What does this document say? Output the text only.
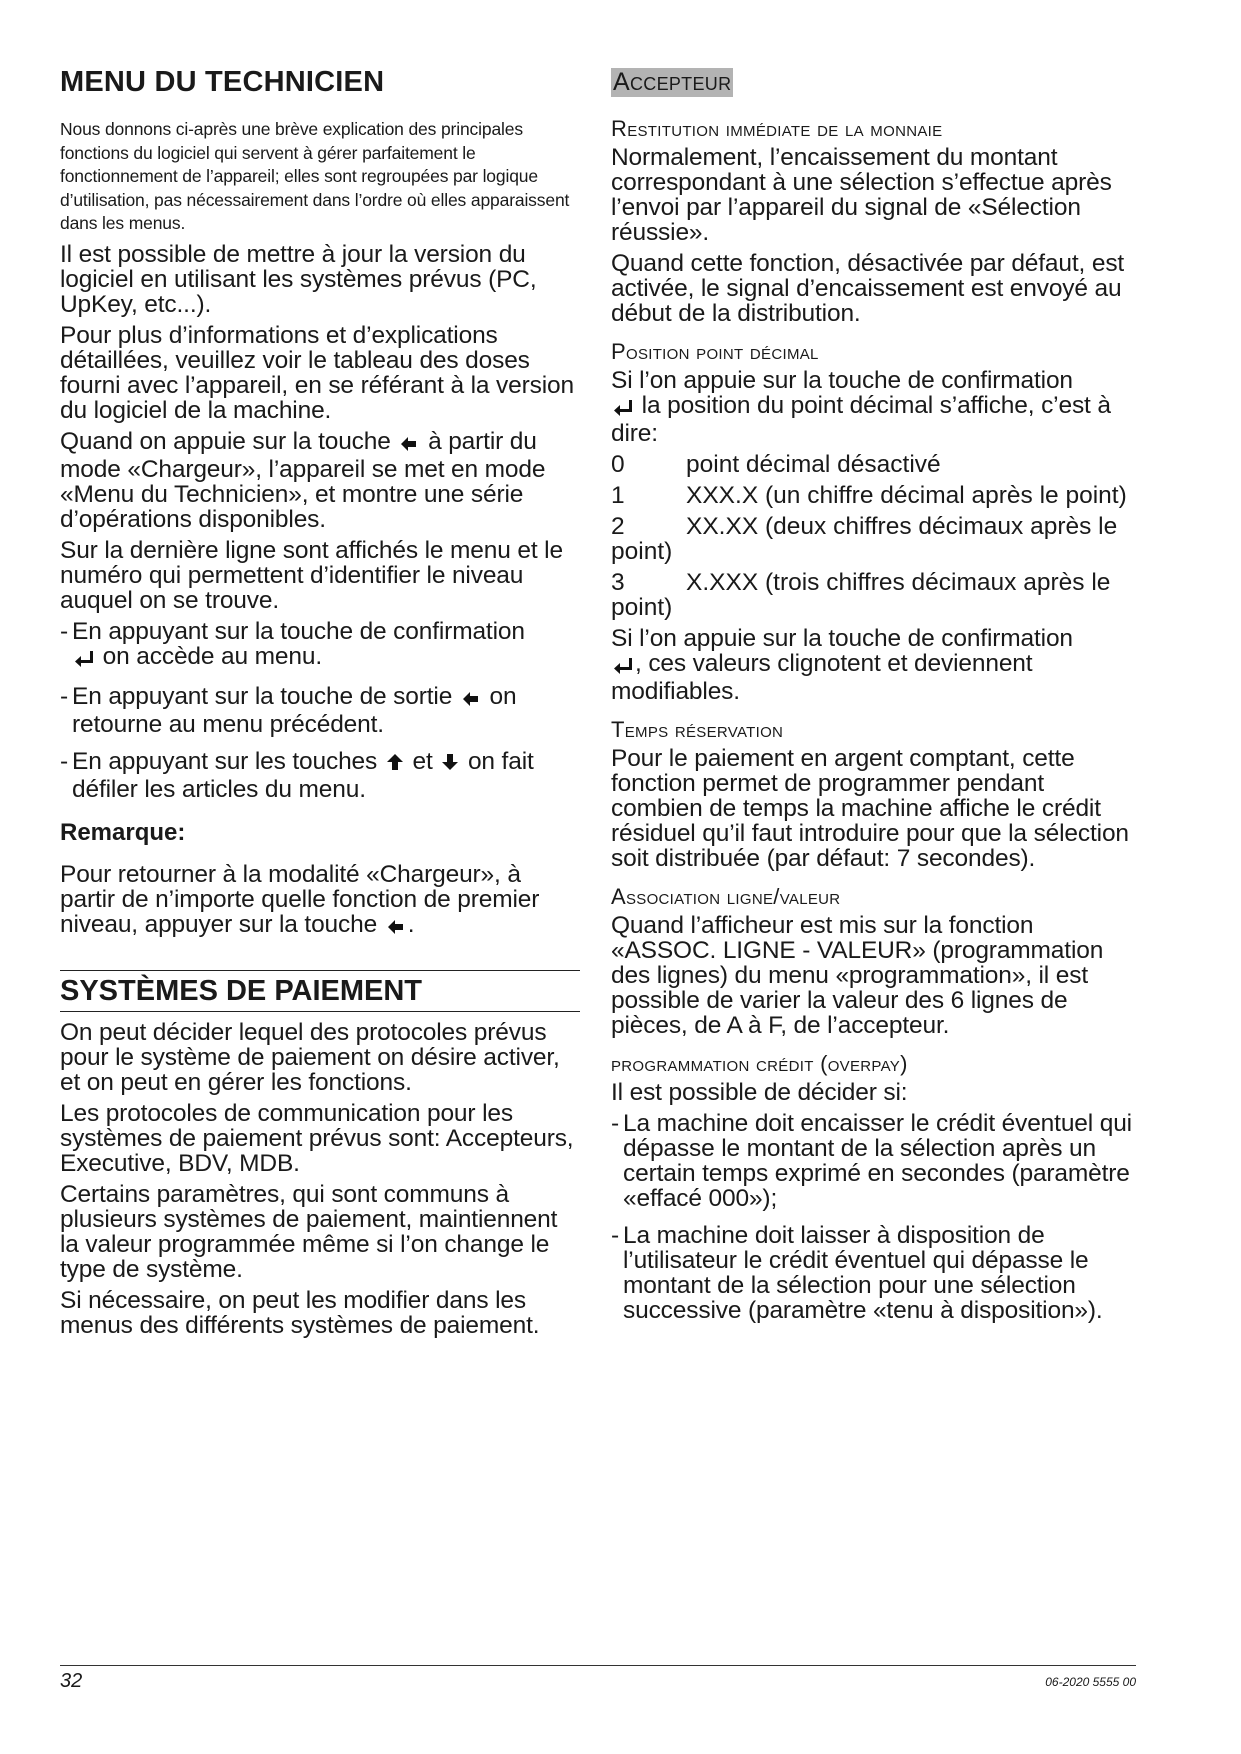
MENU DU TECHNICIEN

Nous donnons ci-après une brève explication des principales fonctions du logiciel qui servent à gérer parfaitement le fonctionnement de l’appareil; elles sont regroupées par logique d’utilisation, pas nécessairement dans l’ordre où elles apparaissent dans les menus.

Il est possible de mettre à jour la version du logiciel en utilisant les systèmes prévus (PC, UpKey, etc...).

Pour plus d’informations et d’explications détaillées, veuillez voir le tableau des doses fourni avec l’appareil, en se référant à la version du logiciel de la machine.

Quand on appuie sur la touche à partir du mode «Chargeur», l’appareil se met en mode «Menu du Technicien», et montre une série d’opérations disponibles.

Sur la dernière ligne sont affichés le menu et le numéro qui permettent d’identifier le niveau auquel on se trouve.

- En appuyant sur la touche de confirmation
on accède au menu.
- En appuyant sur la touche de sortie on retourne au menu précédent.
- En appuyant sur les touches et on fait défiler les articles du menu.
Remarque:

Pour retourner à la modalité «Chargeur», à partir de n’importe quelle fonction de premier niveau, appuyer sur la touche .

SYSTÈMES DE PAIEMENT

On peut décider lequel des protocoles prévus pour le système de paiement on désire activer, et on peut en gérer les fonctions.

Les protocoles de communication pour les systèmes de paiement prévus sont: Accepteurs, Executive, BDV, MDB.

Certains paramètres, qui sont communs à plusieurs systèmes de paiement, maintiennent la valeur programmée même si l’on change le type de système.

Si nécessaire, on peut les modifier dans les menus des différents systèmes de paiement.

Accepteur
Restitution immédiate de la monnaie

Normalement, l’encaissement du montant correspondant à une sélection s’effectue après l’envoi par l’appareil du signal de «Sélection réussie».

Quand cette fonction, désactivée par défaut, est activée, le signal d’encaissement est envoyé au début de la distribution.

Position point décimal

Si l’on appuie sur la touche de confirmation
la position du point décimal s’affiche, c’est à dire:

0	point décimal désactivé
1	XXX.X (un chiffre décimal après le point)
2	XX.XX (deux chiffres décimaux après le point)
3	X.XXX (trois chiffres décimaux après le point)

Si l’on appuie sur la touche de confirmation
, ces valeurs clignotent et deviennent modifiables.

Temps réservation

Pour le paiement en argent comptant, cette fonction permet de programmer pendant combien de temps la machine affiche le crédit résiduel qu’il faut introduire pour que la sélection soit distribuée (par défaut: 7 secondes).

Association ligne/valeur

Quand l’afficheur est mis sur la fonction «ASSOC. LIGNE - VALEUR» (programmation des lignes) du menu «programmation», il est possible de varier la valeur des 6 lignes de pièces, de A à F, de l’accepteur.

programmation crédit (overpay)

Il est possible de décider si:

- La machine doit encaisser le crédit éventuel qui dépasse le montant de la sélection après un certain temps exprimé en secondes (paramètre «effacé 000»);
- La machine doit laisser à disposition de l’utilisateur le crédit éventuel qui dépasse le montant de la sélection pour une sélection successive (paramètre «tenu à disposition»).
32	06-2020 5555 00
